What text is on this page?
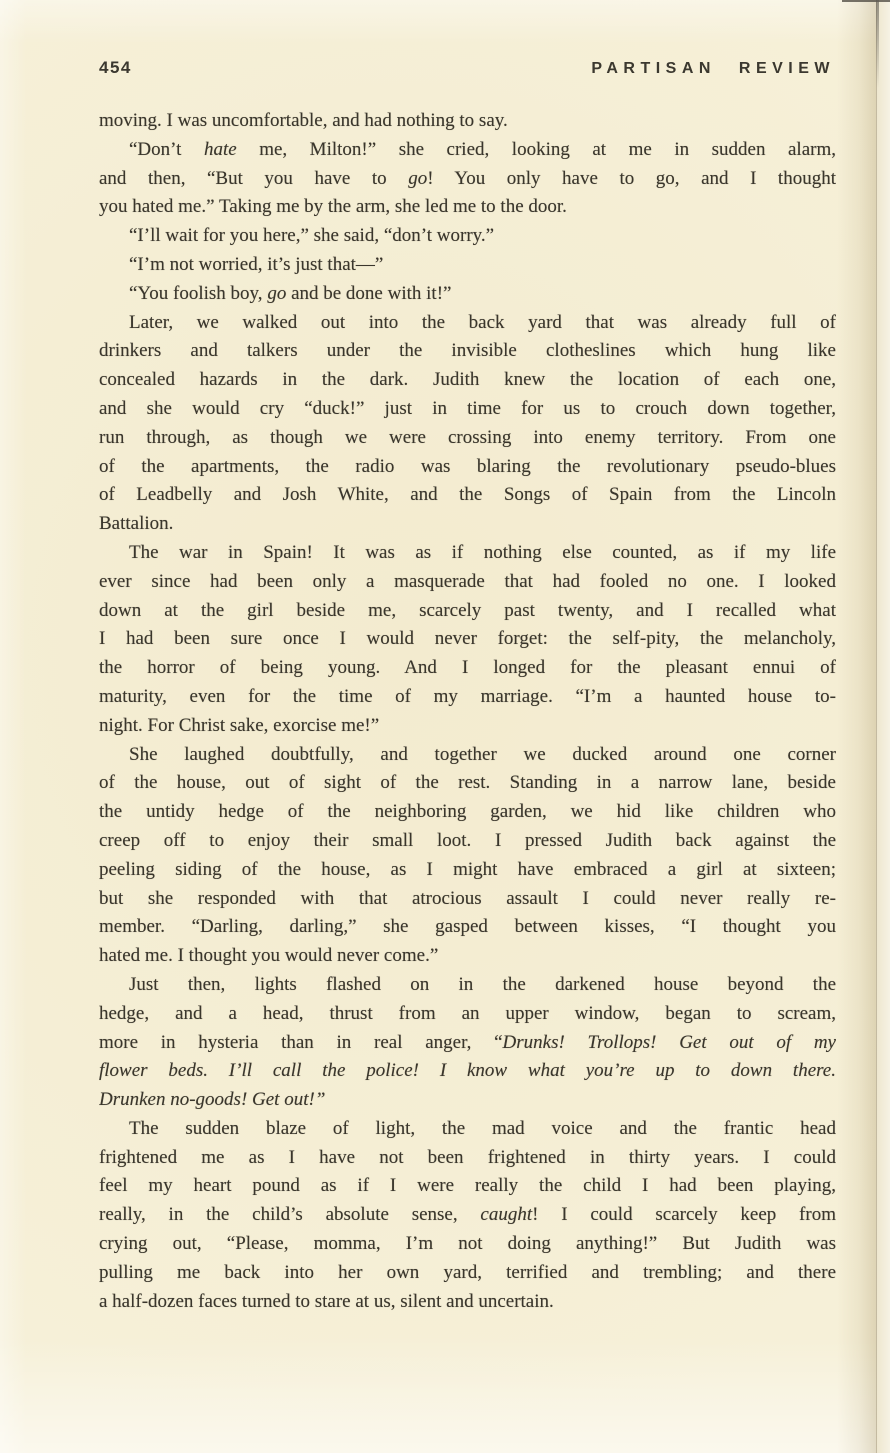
454	PARTISAN REVIEW
moving. I was uncomfortable, and had nothing to say.
“Don’t hate me, Milton!” she cried, looking at me in sudden alarm,
and then, “But you have to go! You only have to go, and I thought
you hated me.” Taking me by the arm, she led me to the door.
“I’ll wait for you here,” she said, “don’t worry.”
“I’m not worried, it’s just that—”
“You foolish boy, go and be done with it!”
Later, we walked out into the back yard that was already full of
drinkers and talkers under the invisible clotheslines which hung like
concealed hazards in the dark. Judith knew the location of each one,
and she would cry “duck!” just in time for us to crouch down together,
run through, as though we were crossing into enemy territory. From one
of the apartments, the radio was blaring the revolutionary pseudo-blues
of Leadbelly and Josh White, and the Songs of Spain from the Lincoln
Battalion.
The war in Spain! It was as if nothing else counted, as if my life
ever since had been only a masquerade that had fooled no one. I looked
down at the girl beside me, scarcely past twenty, and I recalled what
I had been sure once I would never forget: the self-pity, the melancholy,
the horror of being young. And I longed for the pleasant ennui of
maturity, even for the time of my marriage. “I’m a haunted house to-
night. For Christ sake, exorcise me!”
She laughed doubtfully, and together we ducked around one corner
of the house, out of sight of the rest. Standing in a narrow lane, beside
the untidy hedge of the neighboring garden, we hid like children who
creep off to enjoy their small loot. I pressed Judith back against the
peeling siding of the house, as I might have embraced a girl at sixteen;
but she responded with that atrocious assault I could never really re-
member. “Darling, darling,” she gasped between kisses, “I thought you
hated me. I thought you would never come.”
Just then, lights flashed on in the darkened house beyond the
hedge, and a head, thrust from an upper window, began to scream,
more in hysteria than in real anger, “Drunks! Trollops! Get out of my
flower beds. I’ll call the police! I know what you’re up to down there.
Drunken no-goods! Get out!”
The sudden blaze of light, the mad voice and the frantic head
frightened me as I have not been frightened in thirty years. I could
feel my heart pound as if I were really the child I had been playing,
really, in the child’s absolute sense, caught! I could scarcely keep from
crying out, “Please, momma, I’m not doing anything!” But Judith was
pulling me back into her own yard, terrified and trembling; and there
a half-dozen faces turned to stare at us, silent and uncertain.
